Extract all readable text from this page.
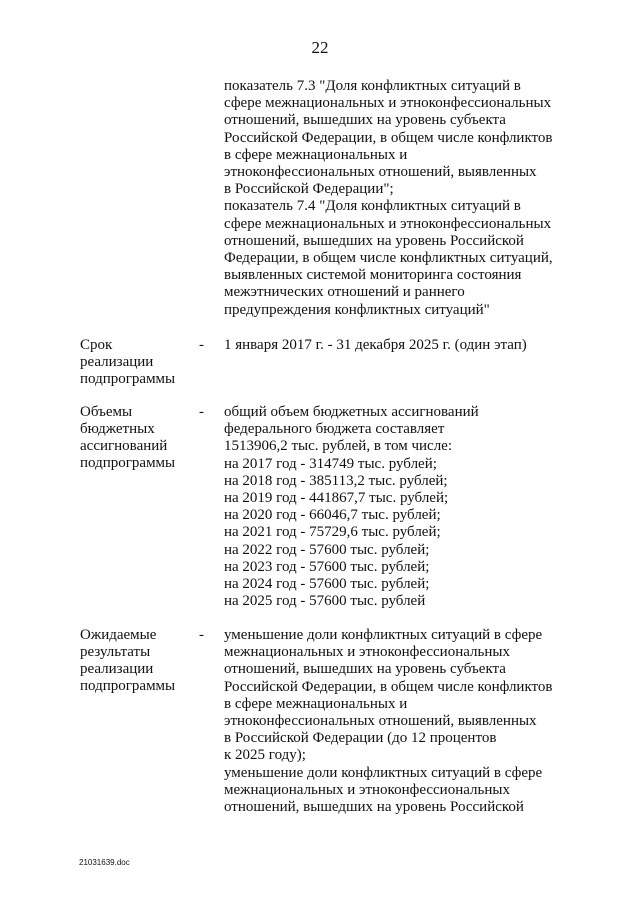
22
показатель 7.3 "Доля конфликтных ситуаций в
сфере межнациональных и этноконфессиональных
отношений, вышедших на уровень субъекта
Российской Федерации, в общем числе конфликтов
в сфере межнациональных и
этноконфессиональных отношений, выявленных
в Российской Федерации";
показатель 7.4 "Доля конфликтных ситуаций в
сфере межнациональных и этноконфессиональных
отношений, вышедших на уровень Российской
Федерации, в общем числе конфликтных ситуаций,
выявленных системой мониторинга состояния
межэтнических отношений и раннего
предупреждения конфликтных ситуаций"
Срок
реализации
подпрограммы
- 1 января 2017 г. - 31 декабря 2025 г. (один этап)
Объемы
бюджетных
ассигнований
подпрограммы
- общий объем бюджетных ассигнований
федерального бюджета составляет
1513906,2 тыс. рублей, в том числе:
на 2017 год - 314749 тыс. рублей;
на 2018 год - 385113,2 тыс. рублей;
на 2019 год - 441867,7 тыс. рублей;
на 2020 год - 66046,7 тыс. рублей;
на 2021 год - 75729,6 тыс. рублей;
на 2022 год - 57600 тыс. рублей;
на 2023 год - 57600 тыс. рублей;
на 2024 год - 57600 тыс. рублей;
на 2025 год - 57600 тыс. рублей
Ожидаемые
результаты
реализации
подпрограммы
- уменьшение доли конфликтных ситуаций в сфере
межнациональных и этноконфессиональных
отношений, вышедших на уровень субъекта
Российской Федерации, в общем числе конфликтов
в сфере межнациональных и
этноконфессиональных отношений, выявленных
в Российской Федерации (до 12 процентов
к 2025 году);
уменьшение доли конфликтных ситуаций в сфере
межнациональных и этноконфессиональных
отношений, вышедших на уровень Российской
21031639.doc
